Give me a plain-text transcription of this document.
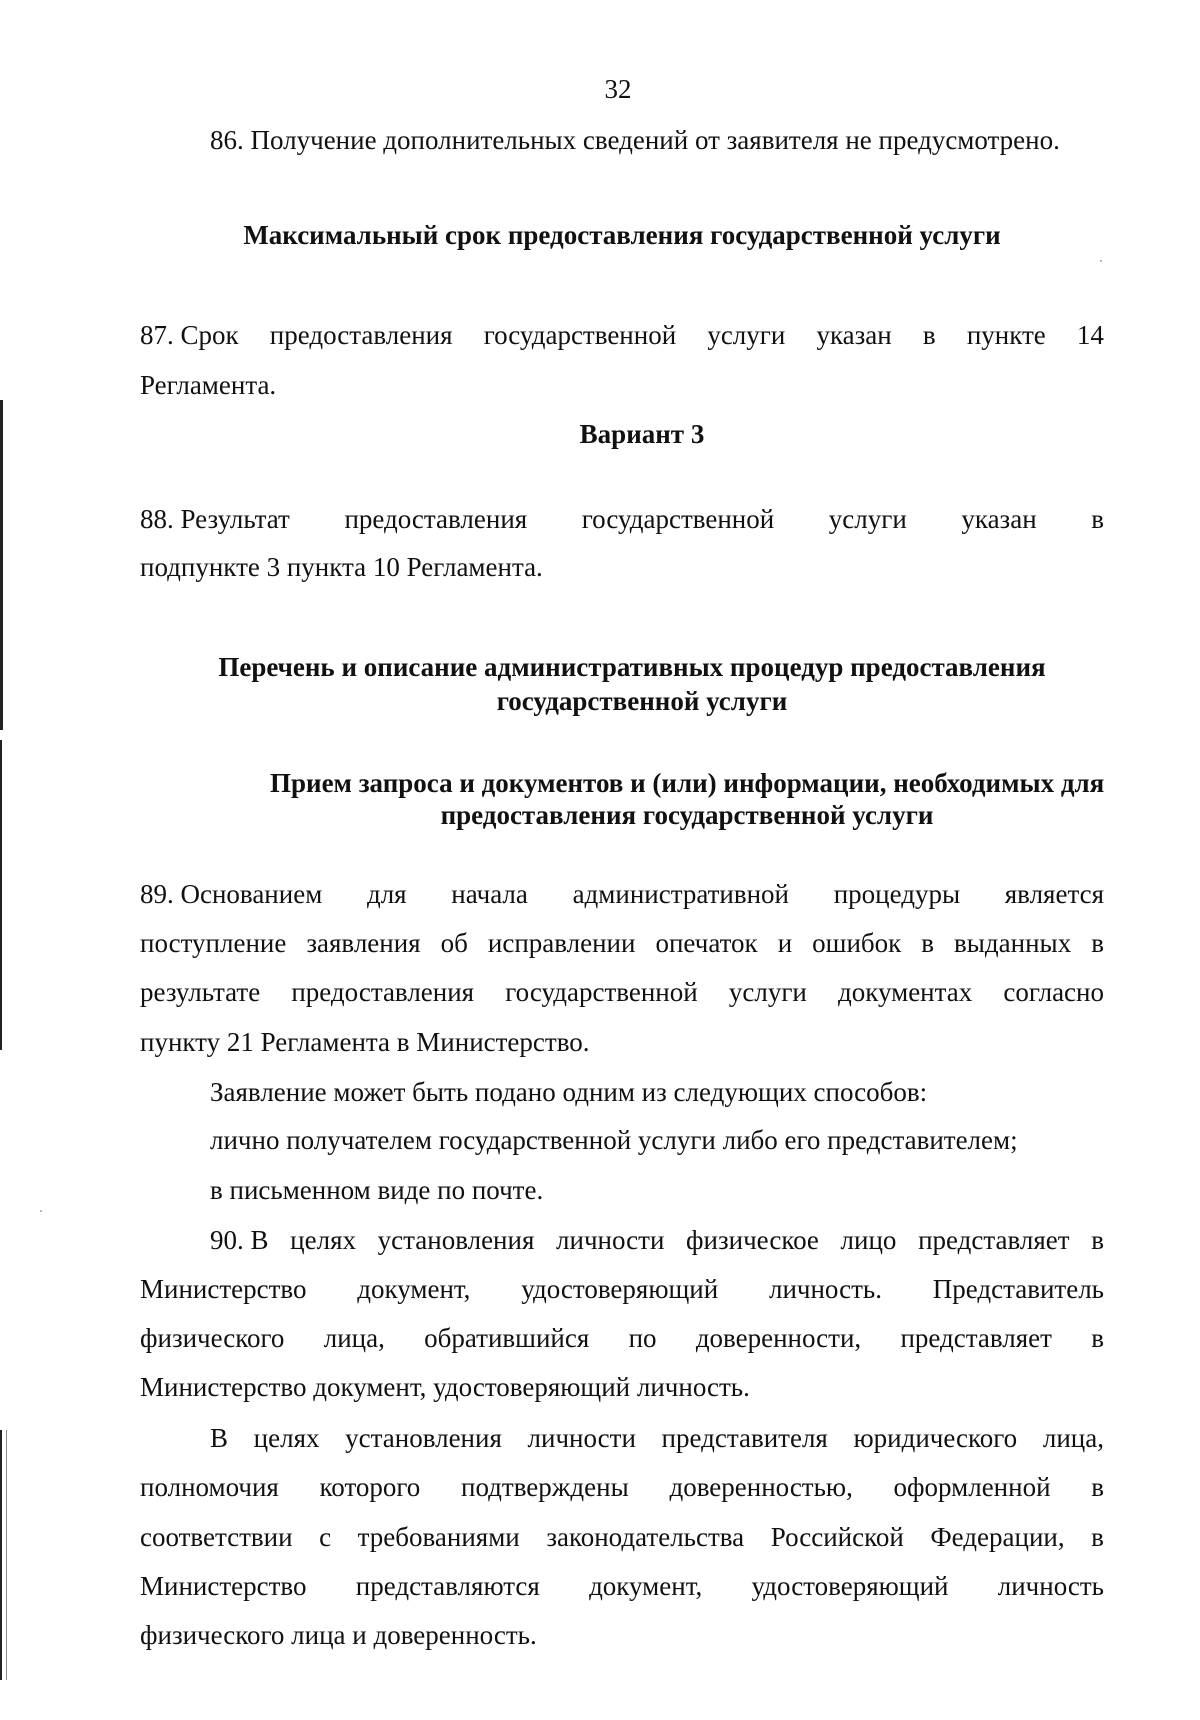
32
86. Получение дополнительных сведений от заявителя не предусмотрено.
Максимальный срок предоставления государственной услуги
87. Срок предоставления государственной услуги указан в пункте 14
Регламента.
Вариант 3
88. Результат предоставления государственной услуги указан в
подпункте 3 пункта 10 Регламента.
Перечень и описание административных процедур предоставления
государственной услуги
Прием запроса и документов и (или) информации, необходимых для
предоставления государственной услуги
89. Основанием для начала административной процедуры является
поступление заявления об исправлении опечаток и ошибок в выданных в
результате предоставления государственной услуги документах согласно
пункту 21 Регламента в Министерство.
Заявление может быть подано одним из следующих способов:
лично получателем государственной услуги либо его представителем;
в письменном виде по почте.
90. В целях установления личности физическое лицо представляет в
Министерство документ, удостоверяющий личность. Представитель
физического лица, обратившийся по доверенности, представляет в
Министерство документ, удостоверяющий личность.
В целях установления личности представителя юридического лица,
полномочия которого подтверждены доверенностью, оформленной в
соответствии с требованиями законодательства Российской Федерации, в
Министерство представляются документ, удостоверяющий личность
физического лица и доверенность.
